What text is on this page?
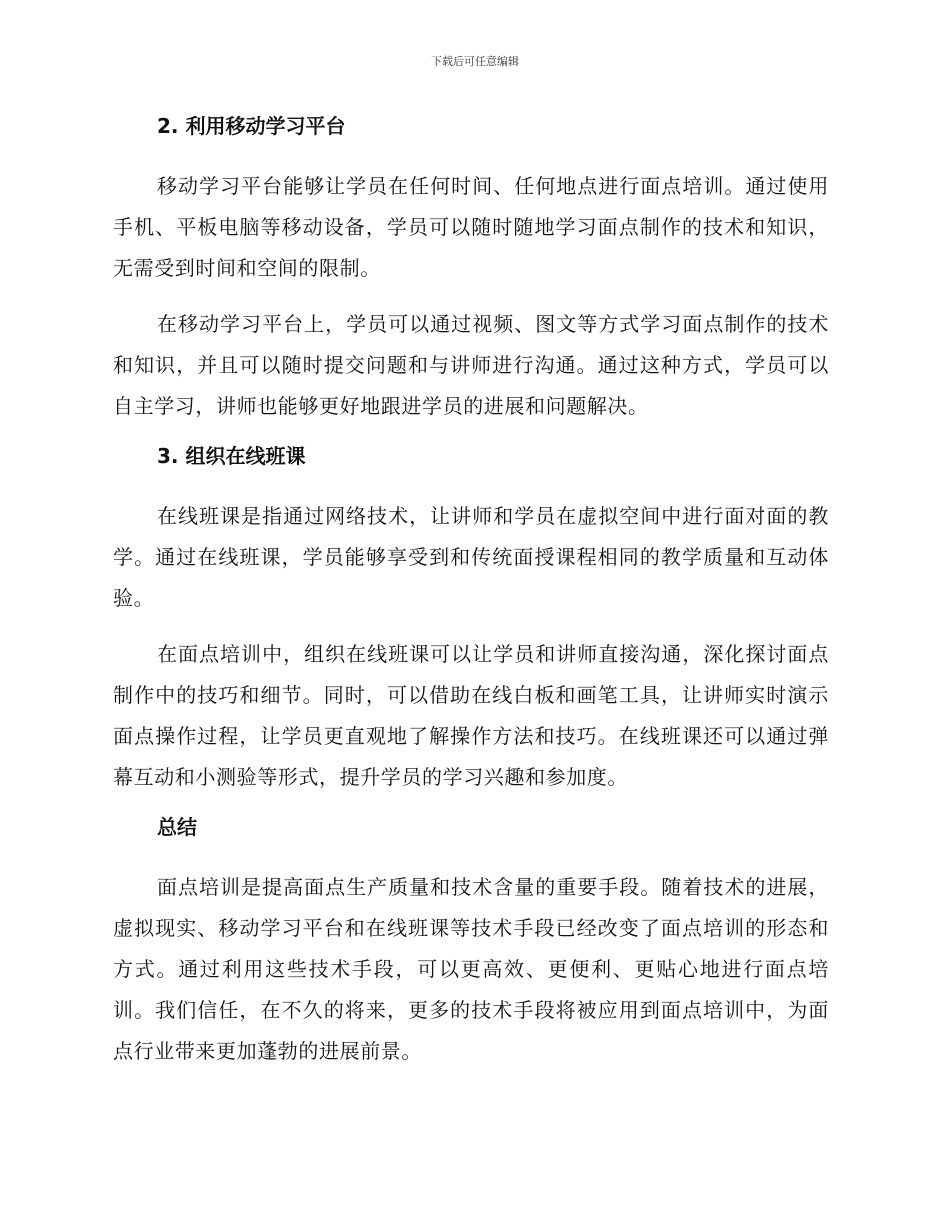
下载后可任意编辑
2. 利用移动学习平台

移动学习平台能够让学员在任何时间、任何地点进行面点培训。通过使用手机、平板电脑等移动设备，学员可以随时随地学习面点制作的技术和知识，无需受到时间和空间的限制。

在移动学习平台上，学员可以通过视频、图文等方式学习面点制作的技术和知识，并且可以随时提交问题和与讲师进行沟通。通过这种方式，学员可以自主学习，讲师也能够更好地跟进学员的进展和问题解决。

3. 组织在线班课

在线班课是指通过网络技术，让讲师和学员在虚拟空间中进行面对面的教学。通过在线班课，学员能够享受到和传统面授课程相同的教学质量和互动体验。

在面点培训中，组织在线班课可以让学员和讲师直接沟通，深化探讨面点制作中的技巧和细节。同时，可以借助在线白板和画笔工具，让讲师实时演示面点操作过程，让学员更直观地了解操作方法和技巧。在线班课还可以通过弹幕互动和小测验等形式，提升学员的学习兴趣和参加度。

总结

面点培训是提高面点生产质量和技术含量的重要手段。随着技术的进展，虚拟现实、移动学习平台和在线班课等技术手段已经改变了面点培训的形态和方式。通过利用这些技术手段，可以更高效、更便利、更贴心地进行面点培训。我们信任，在不久的将来，更多的技术手段将被应用到面点培训中，为面点行业带来更加蓬勃的进展前景。
